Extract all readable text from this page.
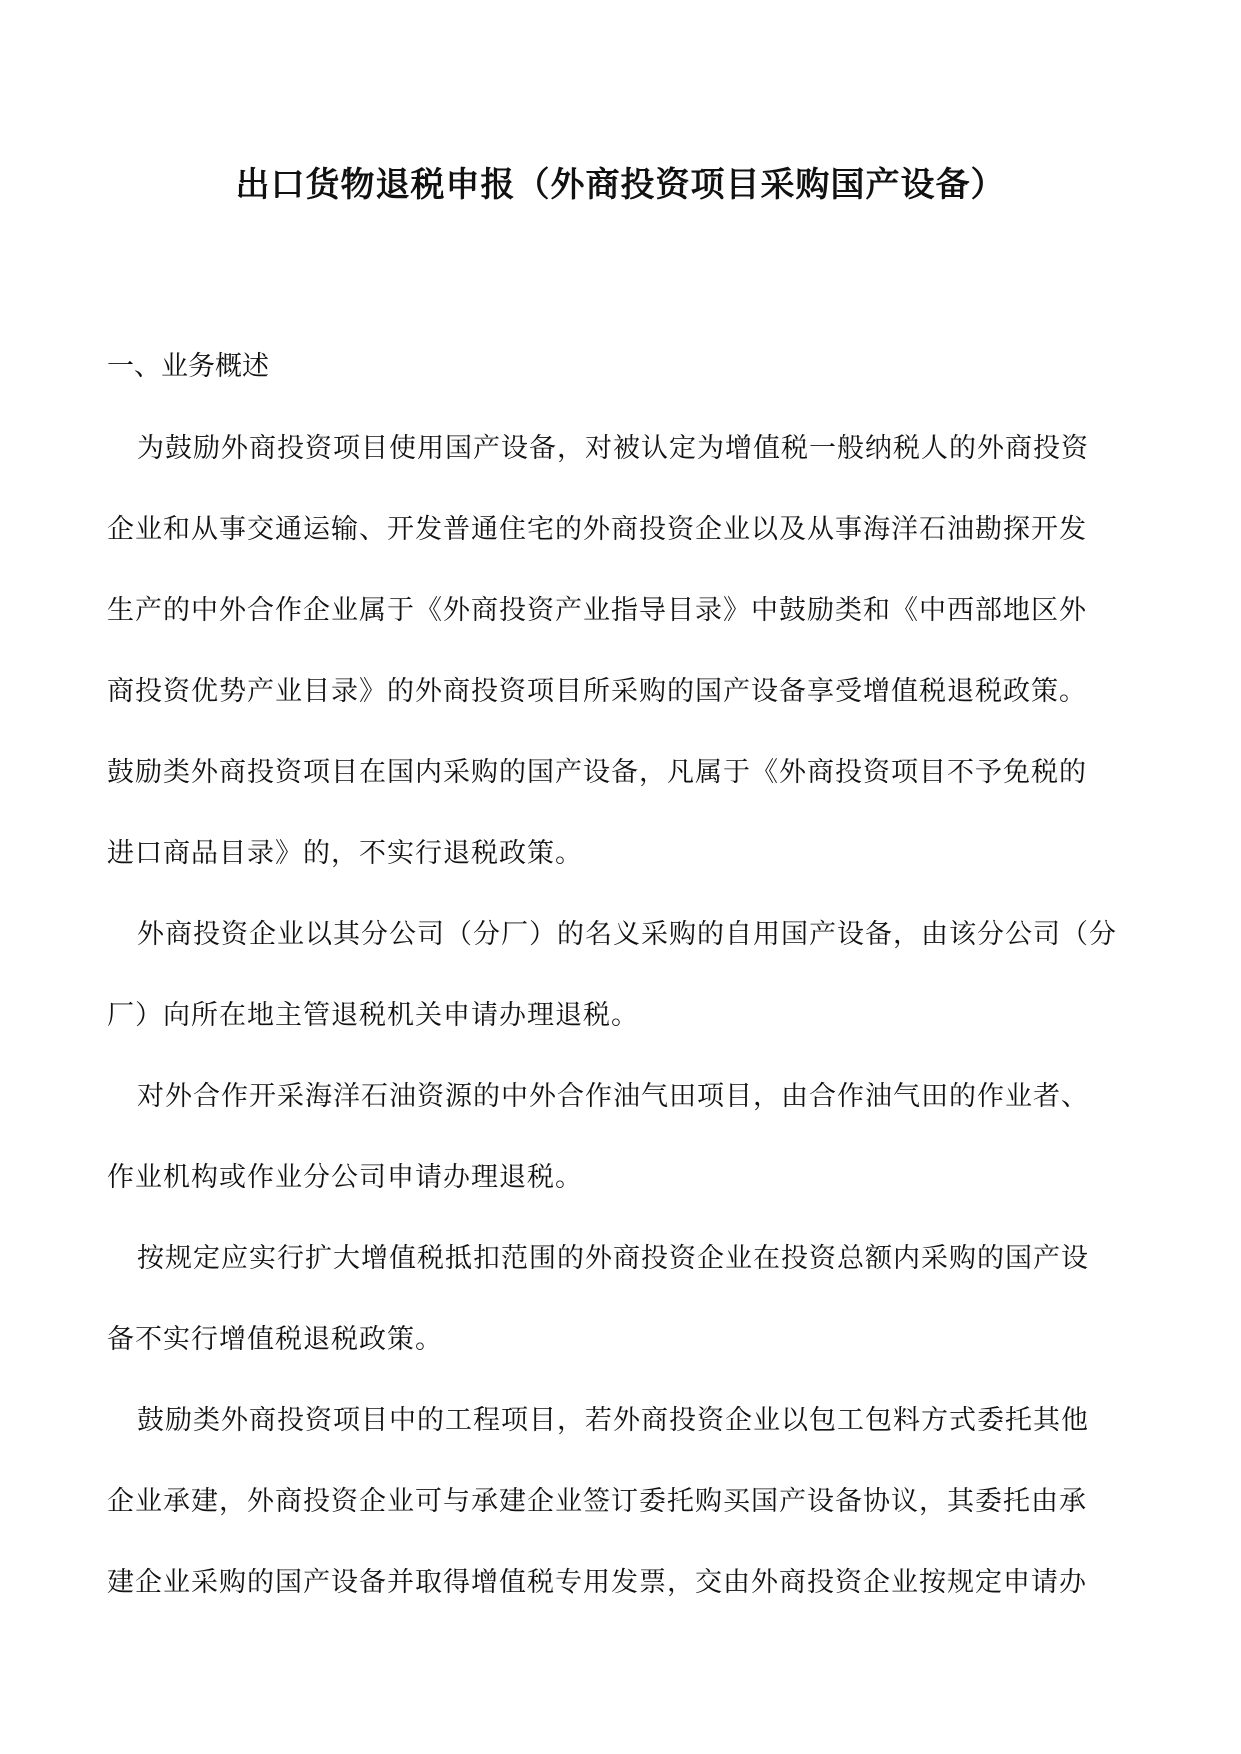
出口货物退税申报（外商投资项目采购国产设备）
一、业务概述

为鼓励外商投资项目使用国产设备，对被认定为增值税一般纳税人的外商投资

企业和从事交通运输、开发普通住宅的外商投资企业以及从事海洋石油勘探开发

生产的中外合作企业属于《外商投资产业指导目录》中鼓励类和《中西部地区外

商投资优势产业目录》的外商投资项目所采购的国产设备享受增值税退税政策。

鼓励类外商投资项目在国内采购的国产设备，凡属于《外商投资项目不予免税的

进口商品目录》的，不实行退税政策。

外商投资企业以其分公司（分厂）的名义采购的自用国产设备，由该分公司（分

厂）向所在地主管退税机关申请办理退税。

对外合作开采海洋石油资源的中外合作油气田项目，由合作油气田的作业者、

作业机构或作业分公司申请办理退税。

按规定应实行扩大增值税抵扣范围的外商投资企业在投资总额内采购的国产设

备不实行增值税退税政策。

鼓励类外商投资项目中的工程项目，若外商投资企业以包工包料方式委托其他

企业承建，外商投资企业可与承建企业签订委托购买国产设备协议，其委托由承

建企业采购的国产设备并取得增值税专用发票，交由外商投资企业按规定申请办
